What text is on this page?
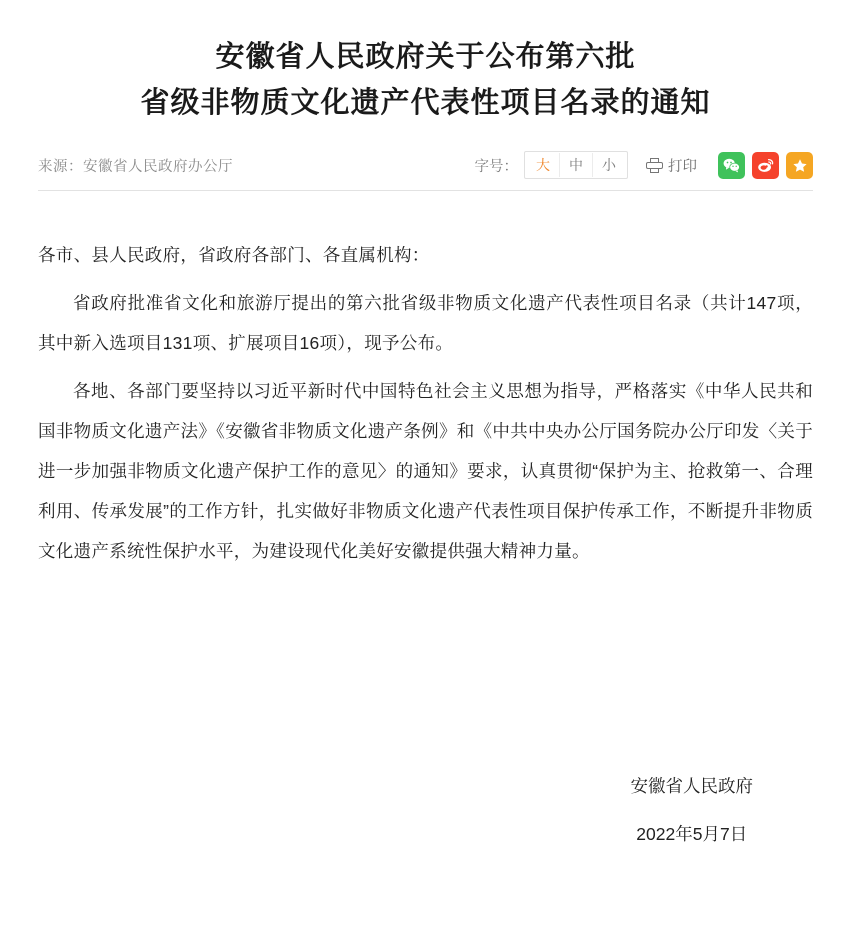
安徽省人民政府关于公布第六批
省级非物质文化遗产代表性项目名录的通知
来源：安徽省人民政府办公厅	字号：	大	中	小	打印

各市、县人民政府，省政府各部门、各直属机构：

省政府批准省文化和旅游厅提出的第六批省级非物质文化遗产代表性项目名录（共计147项，其中新入选项目131项、扩展项目16项），现予公布。

各地、各部门要坚持以习近平新时代中国特色社会主义思想为指导，严格落实《中华人民共和国非物质文化遗产法》《安徽省非物质文化遗产条例》和《中共中央办公厅国务院办公厅印发〈关于进一步加强非物质文化遗产保护工作的意见〉的通知》要求，认真贯彻“保护为主、抢救第一、合理利用、传承发展”的工作方针，扎实做好非物质文化遗产代表性项目保护传承工作，不断提升非物质文化遗产系统性保护水平，为建设现代化美好安徽提供强大精神力量。

安徽省人民政府
2022年5月7日
